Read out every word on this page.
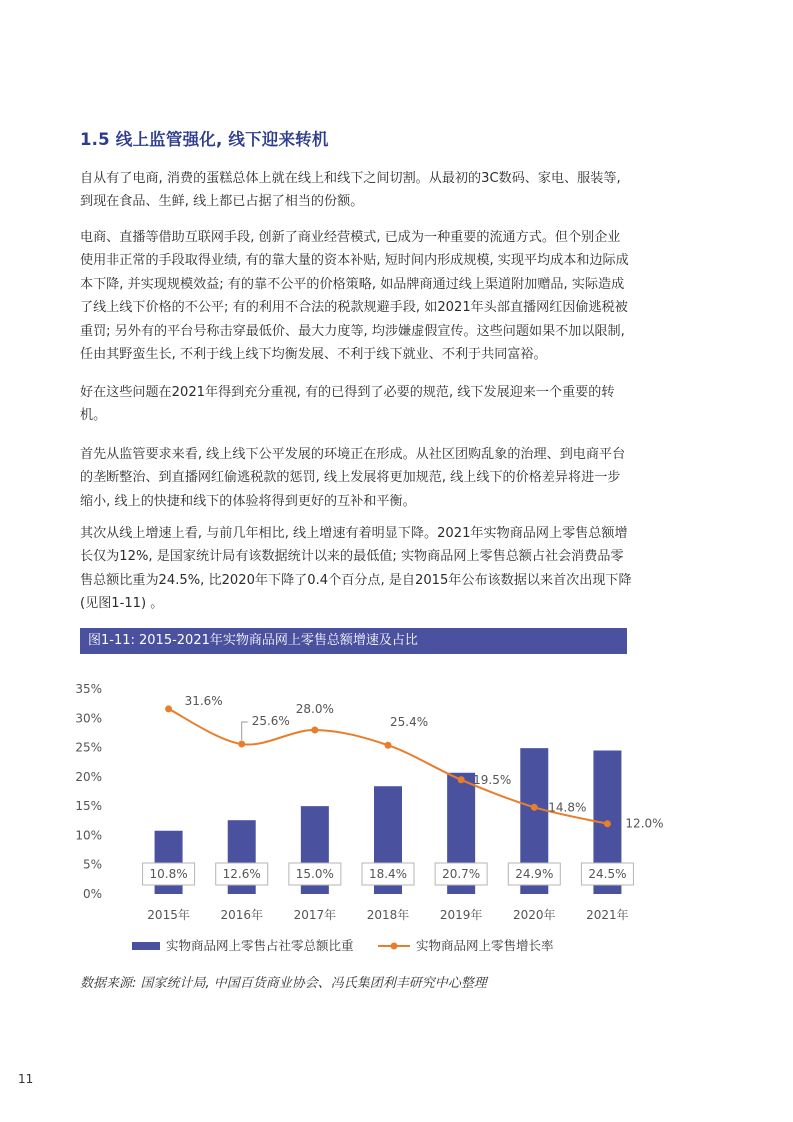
1.5 线上监管强化, 线下迎来转机
自从有了电商, 消费的蛋糕总体上就在线上和线下之间切割。从最初的3C数码、家电、服装等, 到现在食品、生鲜, 线上都已占据了相当的份额。
电商、直播等借助互联网手段, 创新了商业经营模式, 已成为一种重要的流通方式。但个别企业使用非正常的手段取得业绩, 有的靠大量的资本补贴, 短时间内形成规模, 实现平均成本和边际成本下降, 并实现规模效益; 有的靠不公平的价格策略, 如品牌商通过线上渠道附加赠品, 实际造成了线上线下价格的不公平; 有的利用不合法的税款规避手段, 如2021年头部直播网红因偷逃税被重罚; 另外有的平台号称击穿最低价、最大力度等, 均涉嫌虚假宣传。这些问题如果不加以限制, 任由其野蛮生长, 不利于线上线下均衡发展、不利于线下就业、不利于共同富裕。
好在这些问题在2021年得到充分重视, 有的已得到了必要的规范, 线下发展迎来一个重要的转机。
首先从监管要求来看, 线上线下公平发展的环境正在形成。从社区团购乱象的治理、到电商平台的垄断整治、到直播网红偷逃税款的惩罚, 线上发展将更加规范, 线上线下的价格差异将进一步缩小, 线上的快捷和线下的体验将得到更好的互补和平衡。
其次从线上增速上看, 与前几年相比, 线上增速有着明显下降。2021年实物商品网上零售总额增长仅为12%, 是国家统计局有该数据统计以来的最低值; 实物商品网上零售总额占社会消费品零售总额比重为24.5%, 比2020年下降了0.4个百分点, 是自2015年公布该数据以来首次出现下降 (见图1-11) 。
图1-11: 2015-2021年实物商品网上零售总额增速及占比
0%
5%
10%
15%
20%
25%
30%
35%
10.8%	12.6%	15.0%	18.4%	20.7%	24.9%	24.5%
31.6%
25.6%
28.0%
25.4%
19.5%
14.8%
12.0%
2015年	2016年	2017年	2018年	2019年	2020年	2021年
实物商品网上零售占社零总额比重	实物商品网上零售增长率
数据来源: 国家统计局, 中国百货商业协会、冯氏集团利丰研究中心整理
11
